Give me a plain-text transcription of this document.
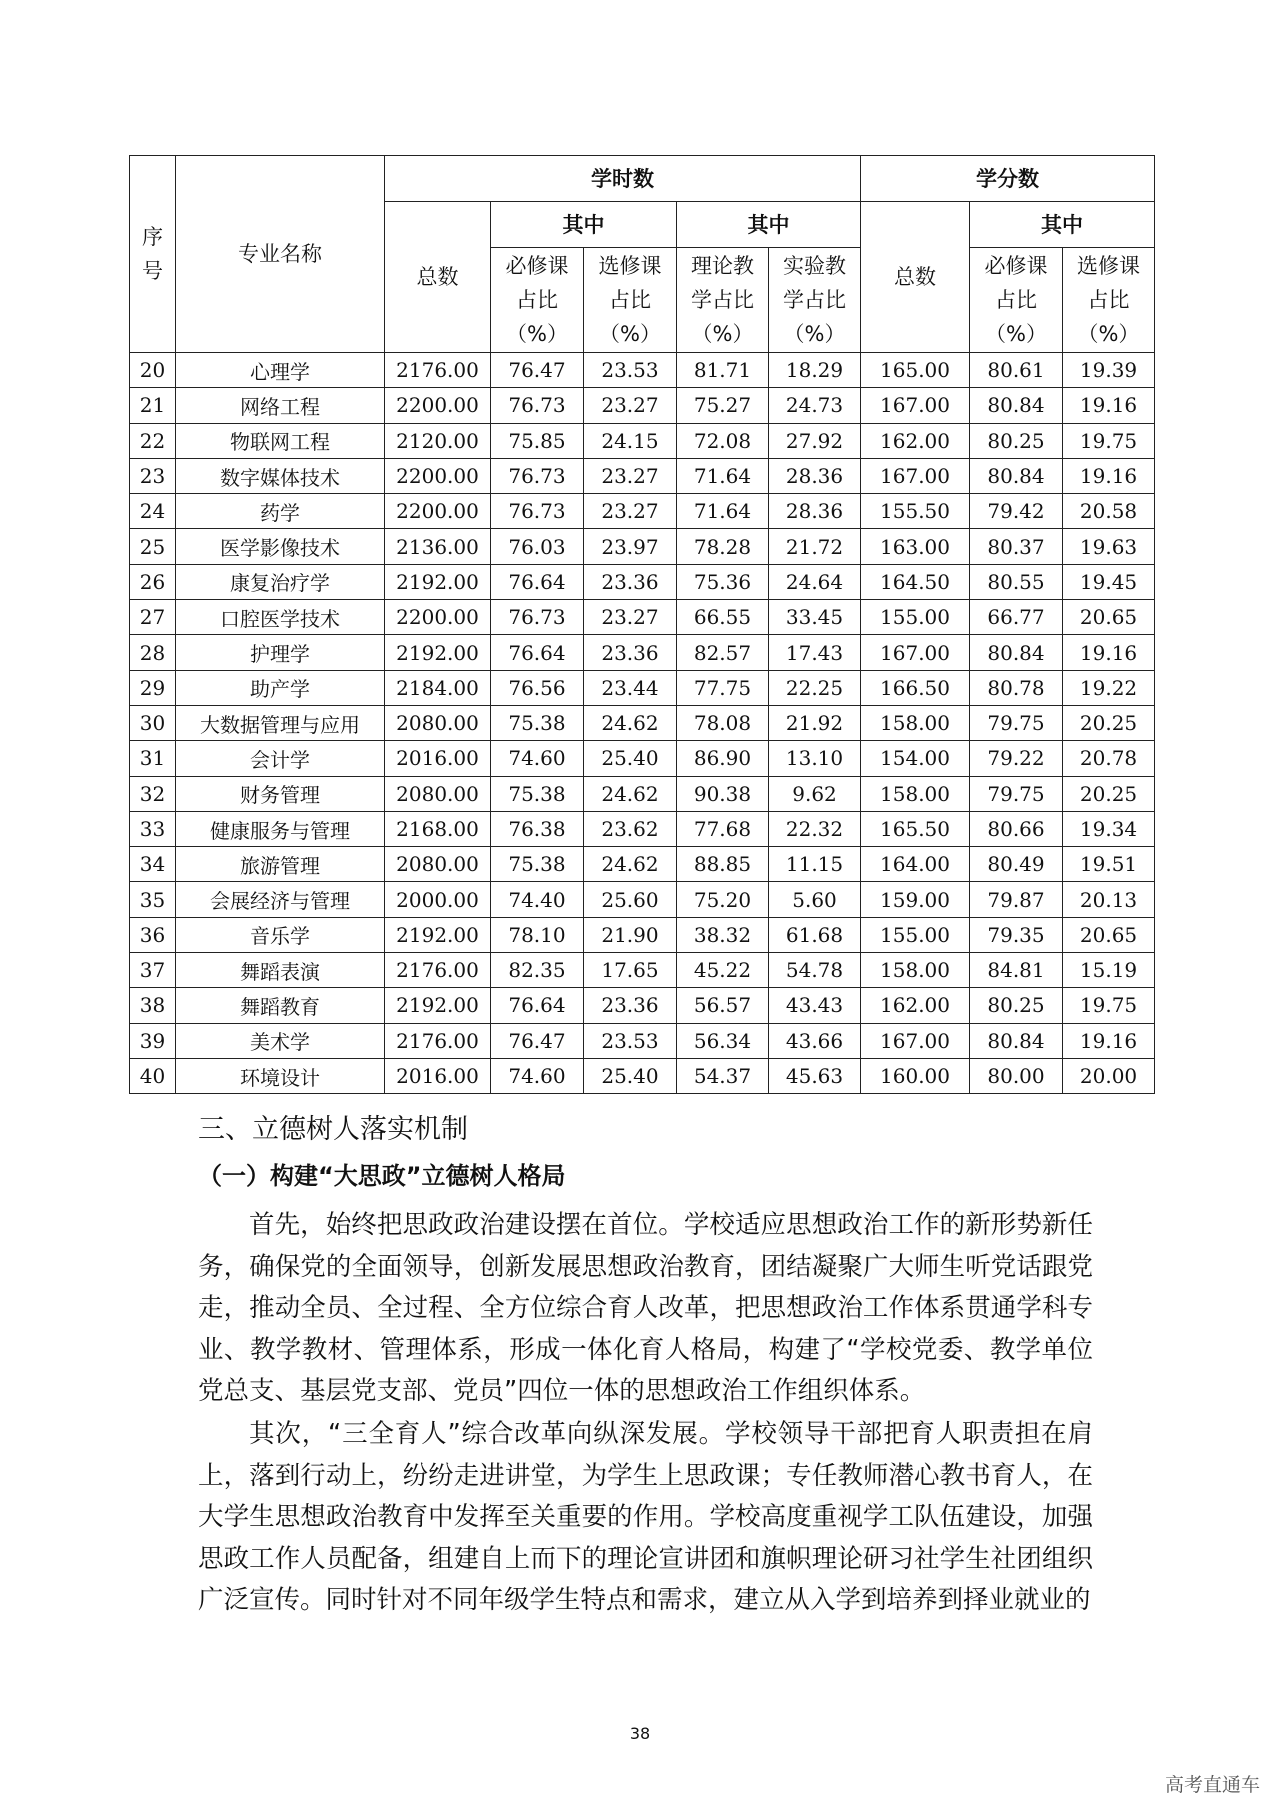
序号	专业名称	学时数					学分数		
		总数	其中		其中		总数	其中	
			必修课占比（%）	选修课占比（%）	理论教学占比（%）	实验教学占比（%）		必修课占比（%）	选修课占比（%）
20	心理学	2176.00	76.47	23.53	81.71	18.29	165.00	80.61	19.39
21	网络工程	2200.00	76.73	23.27	75.27	24.73	167.00	80.84	19.16
22	物联网工程	2120.00	75.85	24.15	72.08	27.92	162.00	80.25	19.75
23	数字媒体技术	2200.00	76.73	23.27	71.64	28.36	167.00	80.84	19.16
24	药学	2200.00	76.73	23.27	71.64	28.36	155.50	79.42	20.58
25	医学影像技术	2136.00	76.03	23.97	78.28	21.72	163.00	80.37	19.63
26	康复治疗学	2192.00	76.64	23.36	75.36	24.64	164.50	80.55	19.45
27	口腔医学技术	2200.00	76.73	23.27	66.55	33.45	155.00	66.77	20.65
28	护理学	2192.00	76.64	23.36	82.57	17.43	167.00	80.84	19.16
29	助产学	2184.00	76.56	23.44	77.75	22.25	166.50	80.78	19.22
30	大数据管理与应用	2080.00	75.38	24.62	78.08	21.92	158.00	79.75	20.25
31	会计学	2016.00	74.60	25.40	86.90	13.10	154.00	79.22	20.78
32	财务管理	2080.00	75.38	24.62	90.38	9.62	158.00	79.75	20.25
33	健康服务与管理	2168.00	76.38	23.62	77.68	22.32	165.50	80.66	19.34
34	旅游管理	2080.00	75.38	24.62	88.85	11.15	164.00	80.49	19.51
35	会展经济与管理	2000.00	74.40	25.60	75.20	5.60	159.00	79.87	20.13
36	音乐学	2192.00	78.10	21.90	38.32	61.68	155.00	79.35	20.65
37	舞蹈表演	2176.00	82.35	17.65	45.22	54.78	158.00	84.81	15.19
38	舞蹈教育	2192.00	76.64	23.36	56.57	43.43	162.00	80.25	19.75
39	美术学	2176.00	76.47	23.53	56.34	43.66	167.00	80.84	19.16
40	环境设计	2016.00	74.60	25.40	54.37	45.63	160.00	80.00	20.00
三、立德树人落实机制
（一）构建“大思政”立德树人格局

首先，始终把思政政治建设摆在首位。学校适应思想政治工作的新形势新任务，确保党的全面领导，创新发展思想政治教育，团结凝聚广大师生听党话跟党走，推动全员、全过程、全方位综合育人改革，把思想政治工作体系贯通学科专业、教学教材、管理体系，形成一体化育人格局，构建了“学校党委、教学单位党总支、基层党支部、党员”四位一体的思想政治工作组织体系。

其次，“三全育人”综合改革向纵深发展。学校领导干部把育人职责担在肩上，落到行动上，纷纷走进讲堂，为学生上思政课；专任教师潜心教书育人，在大学生思想政治教育中发挥至关重要的作用。学校高度重视学工队伍建设，加强思政工作人员配备，组建自上而下的理论宣讲团和旗帜理论研习社学生社团组织广泛宣传。同时针对不同年级学生特点和需求，建立从入学到培养到择业就业的

38
高考直通车
